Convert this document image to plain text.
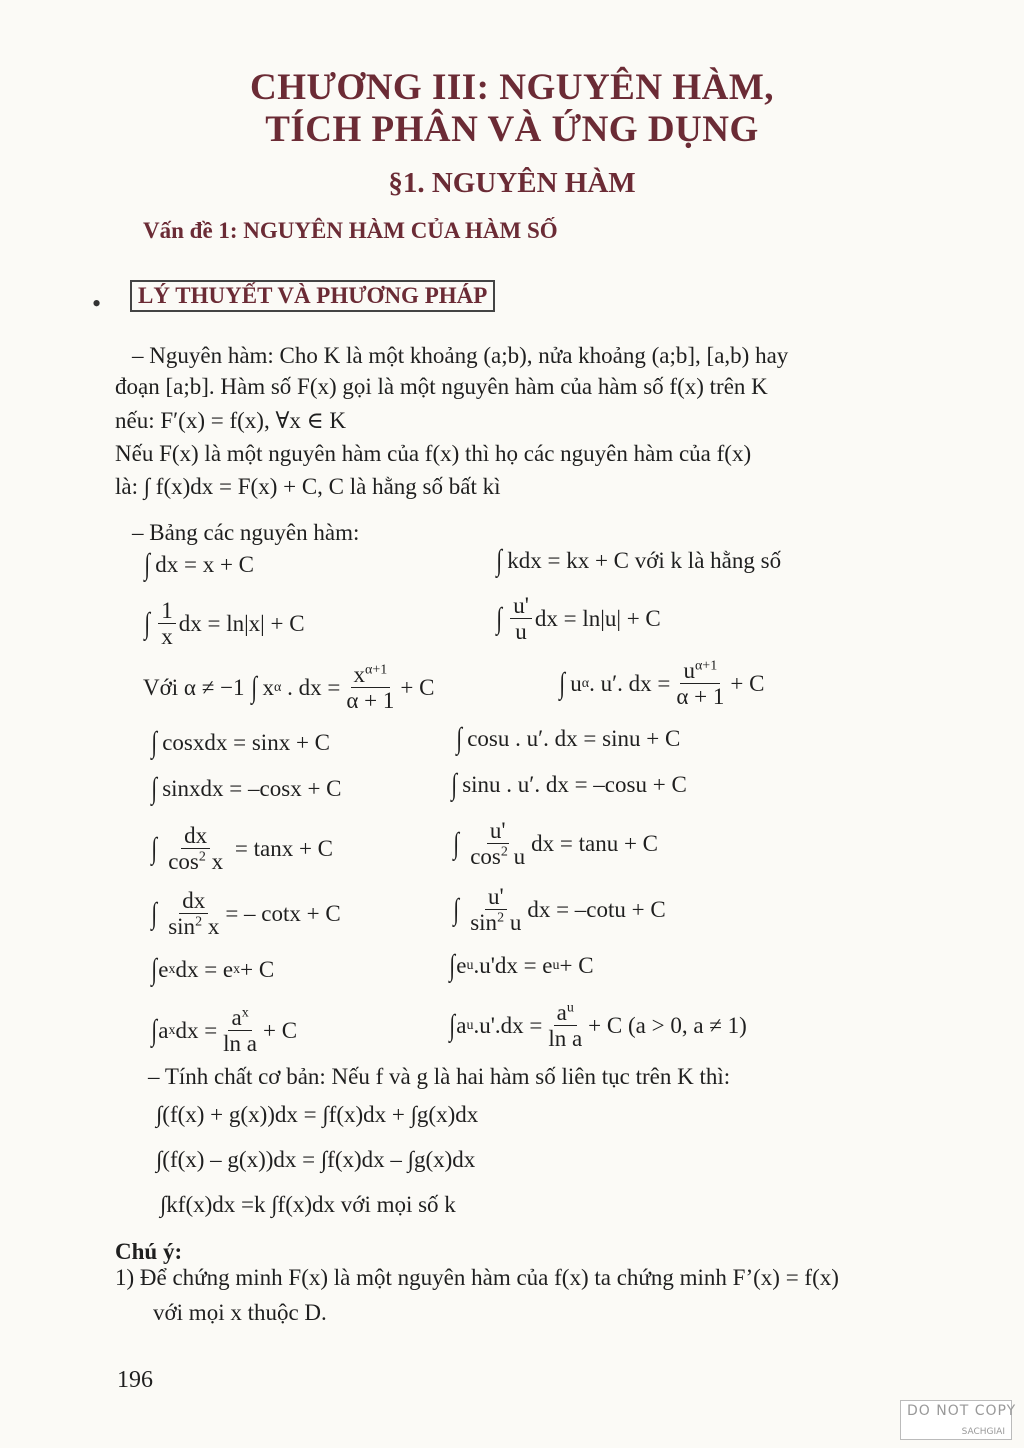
CHƯƠNG III: NGUYÊN HÀM,
TÍCH PHÂN VÀ ỨNG DỤNG
§1. NGUYÊN HÀM
Vấn đề 1: NGUYÊN HÀM CỦA HÀM SỐ
•	LÝ THUYẾT VÀ PHƯƠNG PHÁP
– Nguyên hàm: Cho K là một khoảng (a;b), nửa khoảng (a;b], [a,b) hay
đoạn [a;b]. Hàm số F(x) gọi là một nguyên hàm của hàm số f(x) trên K
nếu: F′(x) = f(x), ∀x ∈ K
Nếu F(x) là một nguyên hàm của f(x) thì họ các nguyên hàm của f(x)
là: ∫ f(x)dx = F(x) + C, C là hằng số bất kì
– Bảng các nguyên hàm:
∫ dx = x + C	∫ kdx = kx + C với k là hằng số
∫ $\frac{1}{x}$ dx = ln|x| + C	∫ $\frac{u'}{u}$ dx = ln|u| + C
Với α ≠ −1
∫ x α
. dx = $\frac{x^{\alpha+1}}{\alpha + 1} + C$	∫ u α . u′. dx = $\frac{u^{\alpha+1}}{\alpha + 1} + C$
∫ cosxdx = sinx + C	∫ cosu . u′. dx = sinu + C
∫ sinxdx = –cosx + C	∫ sinu . u′. dx = –cosu + C
∫ $\frac{dx}{\cos^2 x}$
= tanx + C	∫ $\frac{u'}{\cos^2 u}$ dx = tanu + C
∫ $\frac{dx}{\sin^2 x}$ = – cotx + C	∫ $\frac{u'}{\sin^2 u}$ dx = –cotu + C
∫ e x dx = e x + C	∫ e u .u'dx = e u + C
∫ a x dx = $\frac{a^x}{\text{ln a}} + C$	∫ a u $.u'.dx = \frac{a^u}{\text{ln a}} + C$ (a > 0, a ≠ 1)
– Tính chất cơ bản: Nếu f và g là hai hàm số liên tục trên K thì:
∫(f(x) + g(x))dx = ∫f(x)dx + ∫g(x)dx
∫(f(x) – g(x))dx = ∫f(x)dx – ∫g(x)dx
∫kf(x)dx =k ∫f(x)dx với mọi số k
Chú ý:
1) Để chứng minh F(x) là một nguyên hàm của f(x) ta chứng minh F’(x) = f(x)
với mọi x thuộc D.
196
DO NOT COPY
SACHGIAI
